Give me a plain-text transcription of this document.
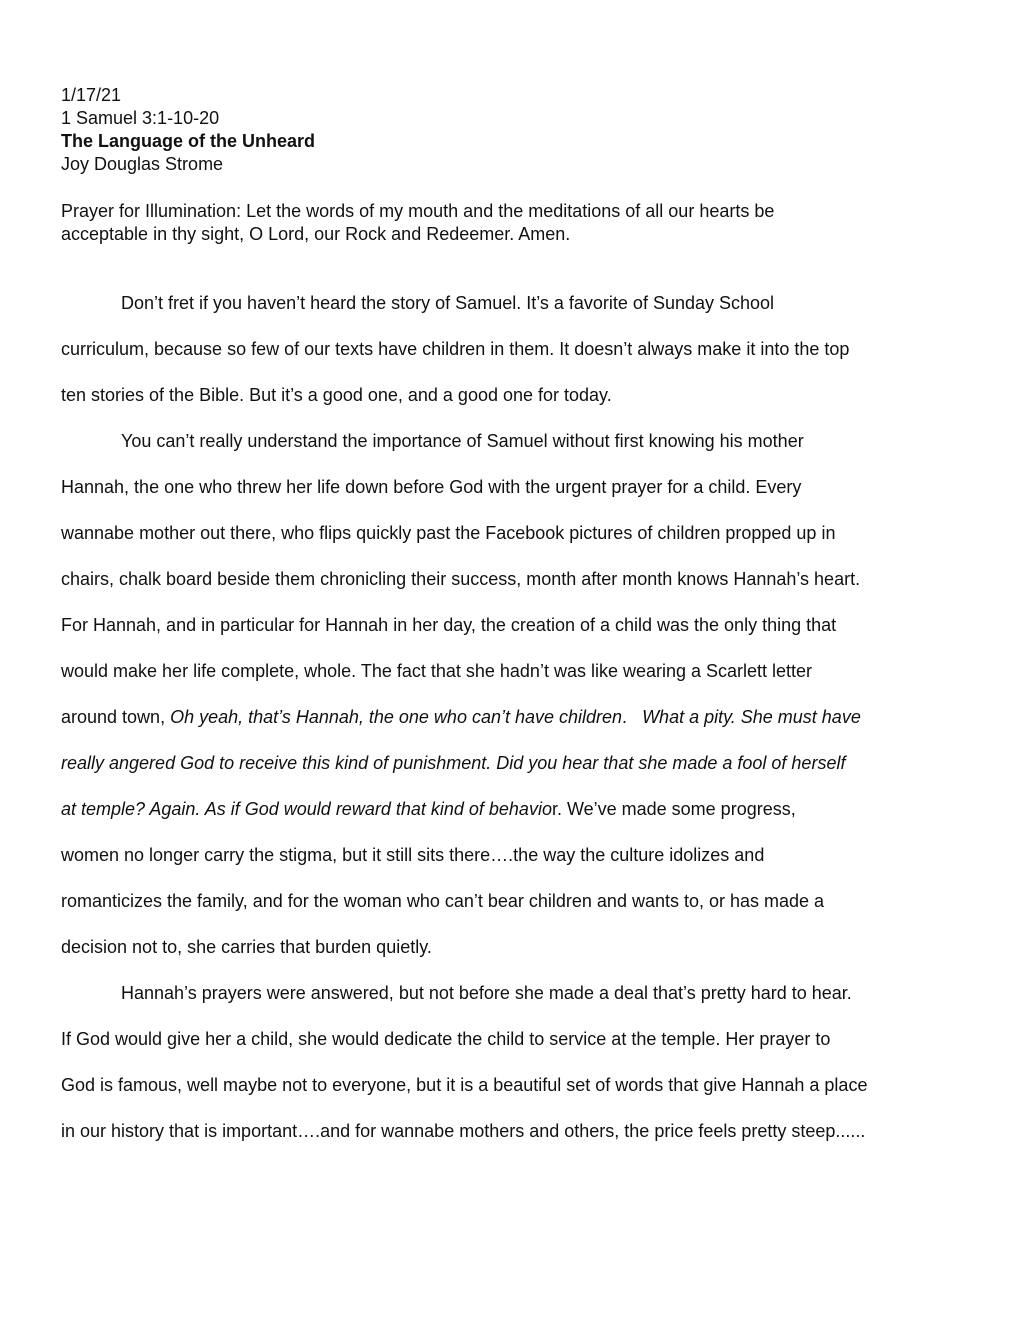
1/17/21
1 Samuel 3:1-10-20
The Language of the Unheard
Joy Douglas Strome
Prayer for Illumination: Let the words of my mouth and the meditations of all our hearts be
acceptable in thy sight, O Lord, our Rock and Redeemer. Amen.
Don’t fret if you haven’t heard the story of Samuel. It’s a favorite of Sunday School
curriculum, because so few of our texts have children in them. It doesn’t always make it into the top
ten stories of the Bible. But it’s a good one, and a good one for today.
You can’t really understand the importance of Samuel without first knowing his mother
Hannah, the one who threw her life down before God with the urgent prayer for a child. Every
wannabe mother out there, who flips quickly past the Facebook pictures of children propped up in
chairs, chalk board beside them chronicling their success, month after month knows Hannah’s heart.
For Hannah, and in particular for Hannah in her day, the creation of a child was the only thing that
would make her life complete, whole. The fact that she hadn’t was like wearing a Scarlett letter
around town, Oh yeah, that’s Hannah, the one who can’t have children.   What a pity. She must have
really angered God to receive this kind of punishment. Did you hear that she made a fool of herself
at temple? Again. As if God would reward that kind of behavior. We’ve made some progress,
women no longer carry the stigma, but it still sits there….the way the culture idolizes and
romanticizes the family, and for the woman who can’t bear children and wants to, or has made a
decision not to, she carries that burden quietly.
Hannah’s prayers were answered, but not before she made a deal that’s pretty hard to hear.
If God would give her a child, she would dedicate the child to service at the temple. Her prayer to
God is famous, well maybe not to everyone, but it is a beautiful set of words that give Hannah a place
in our history that is important….and for wannabe mothers and others, the price feels pretty steep......
